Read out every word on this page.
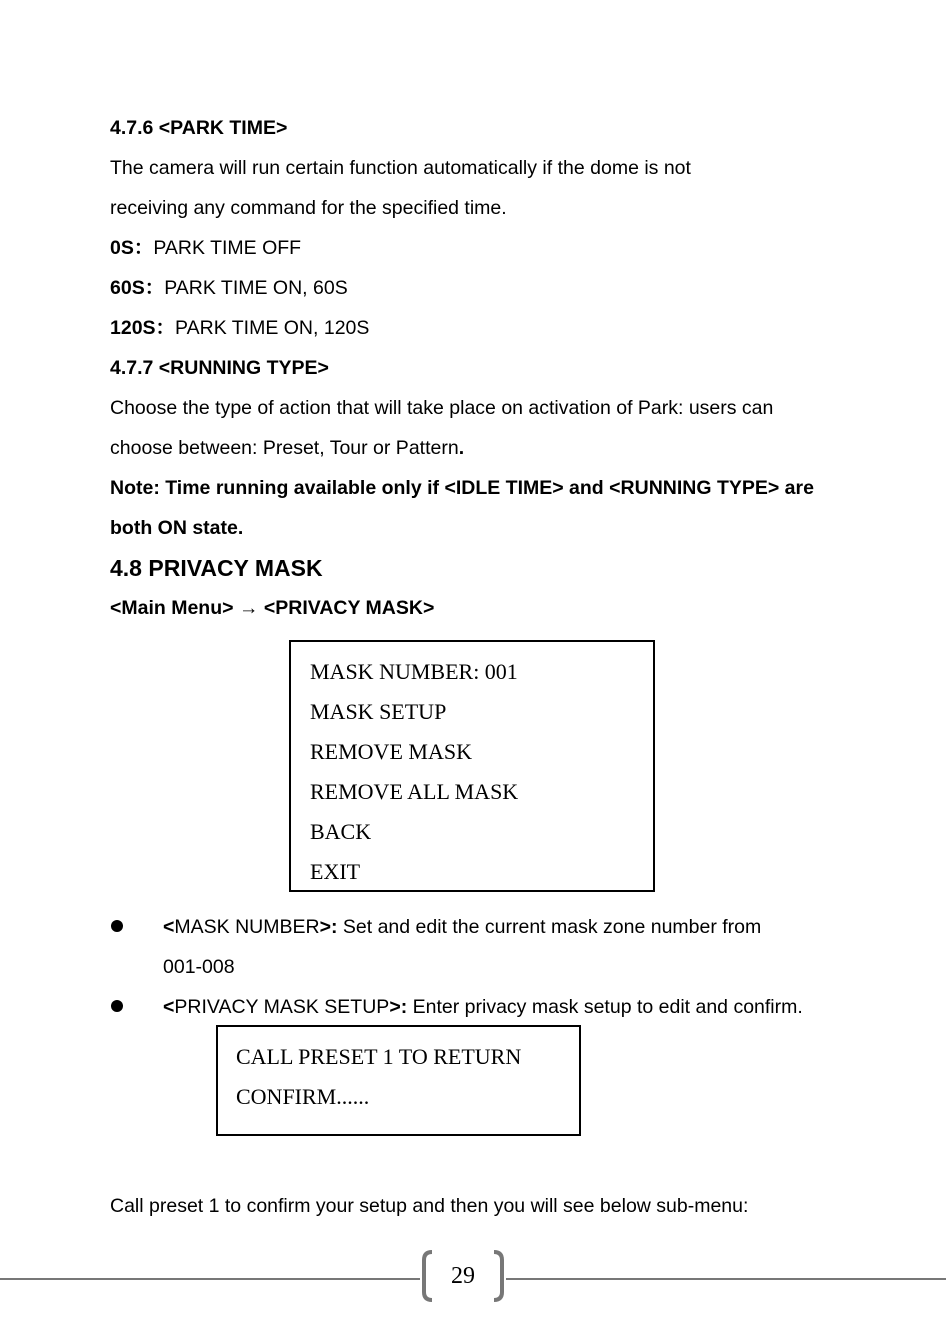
4.7.6 <PARK TIME>
The camera will run certain function automatically if the dome is not
receiving any command for the specified time.
0S：PARK TIME OFF
60S：PARK TIME ON, 60S
120S：PARK TIME ON, 120S
4.7.7 <RUNNING TYPE>
Choose the type of action that will take place on activation of Park: users can
choose between: Preset, Tour or Pattern.
Note: Time running available only if <IDLE TIME> and <RUNNING TYPE> are
both ON state.
4.8 PRIVACY MASK
<Main Menu> → <PRIVACY MASK>
MASK NUMBER: 001
MASK SETUP
REMOVE MASK
REMOVE ALL MASK
BACK
EXIT
<MASK NUMBER>: Set and edit the current mask zone number from
001-008
<PRIVACY MASK SETUP>: Enter privacy mask setup to edit and confirm.
CALL PRESET 1 TO RETURN
CONFIRM......
Call preset 1 to confirm your setup and then you will see below sub-menu:
29
